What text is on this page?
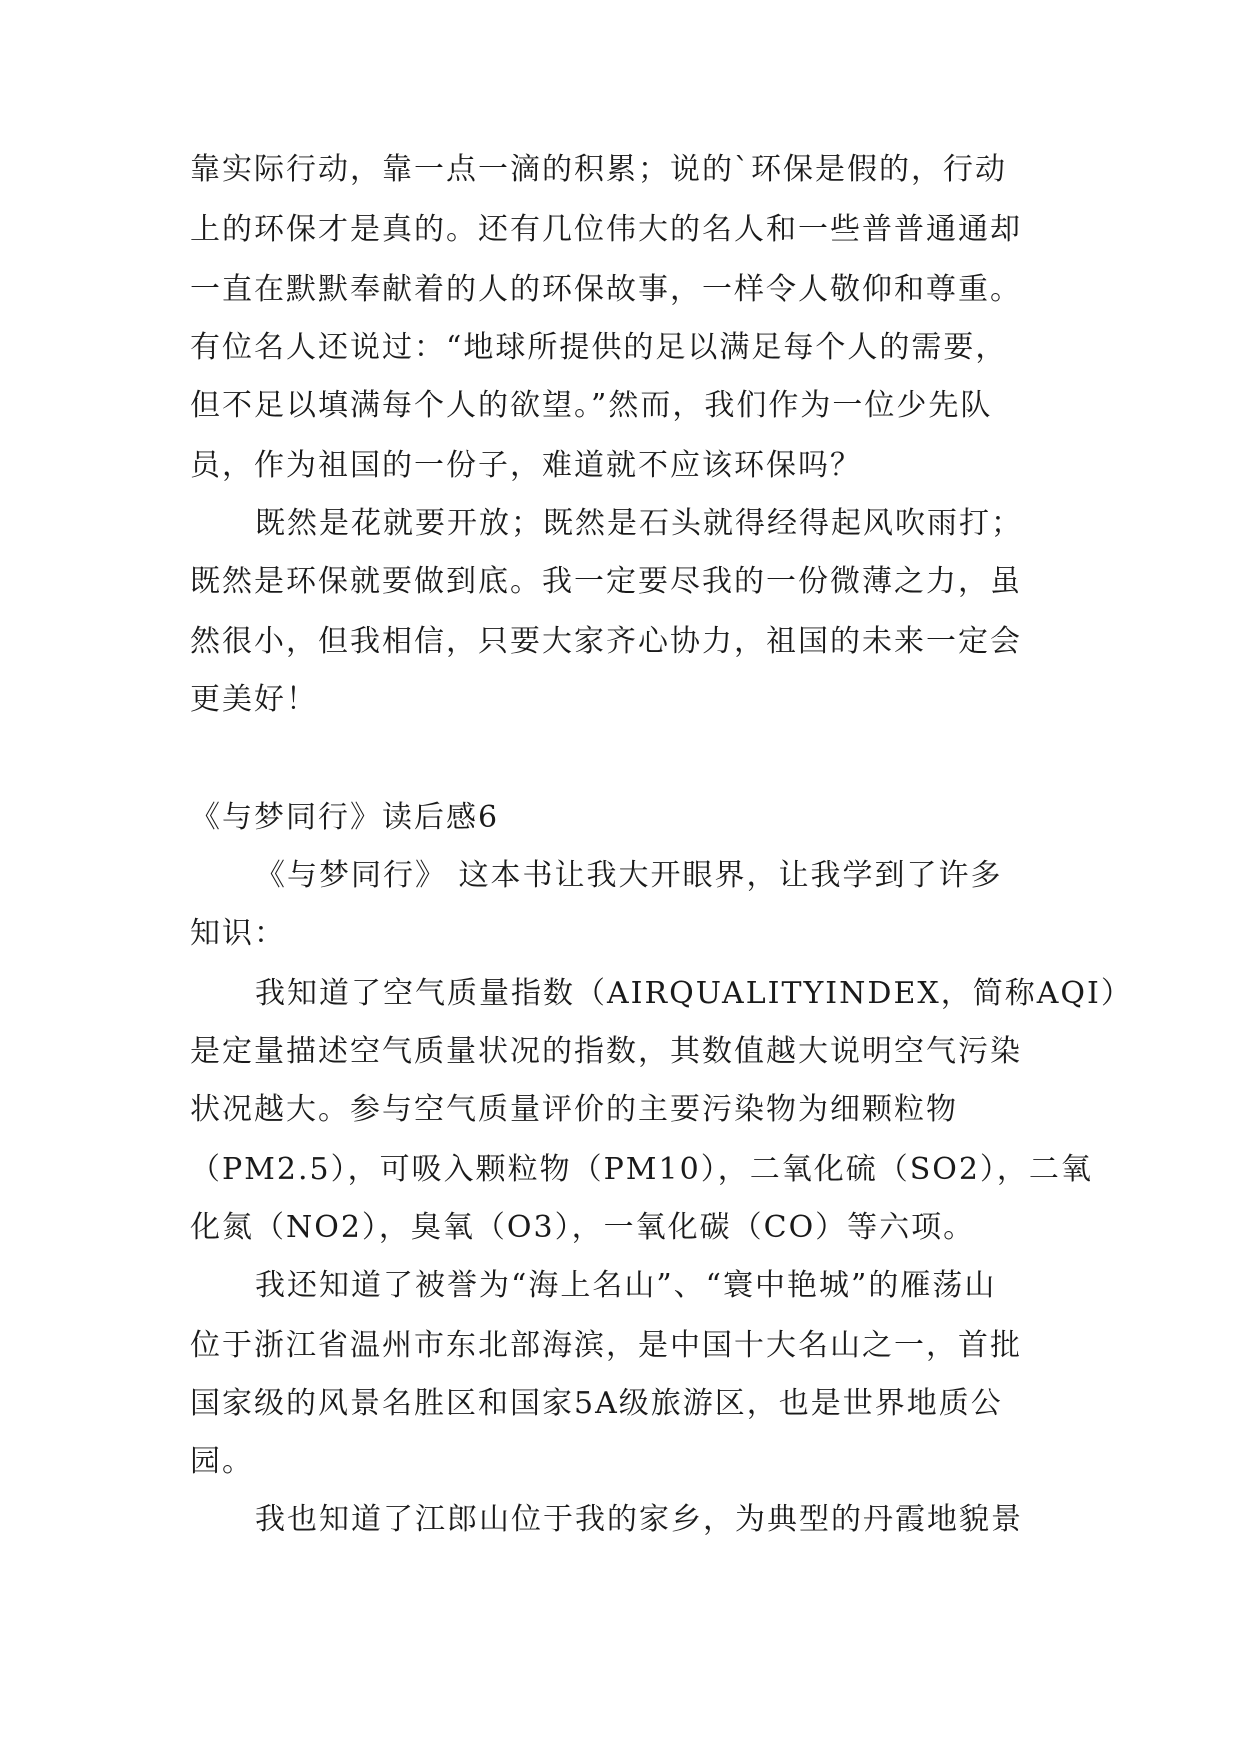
靠实际行动，靠一点一滴的积累；说的`环保是假的，行动
上的环保才是真的。还有几位伟大的名人和一些普普通通却
一直在默默奉献着的人的环保故事，一样令人敬仰和尊重。
有位名人还说过：“地球所提供的足以满足每个人的需要，
但不足以填满每个人的欲望。”然而，我们作为一位少先队
员，作为祖国的一份子，难道就不应该环保吗？
既然是花就要开放；既然是石头就得经得起风吹雨打；
既然是环保就要做到底。我一定要尽我的一份微薄之力，虽
然很小，但我相信，只要大家齐心协力，祖国的未来一定会
更美好！
《与梦同行》读后感6
《与梦同行》 这本书让我大开眼界，让我学到了许多
知识：
我知道了空气质量指数（AIRQUALITYINDEX，简称AQI）
是定量描述空气质量状况的指数，其数值越大说明空气污染
状况越大。参与空气质量评价的主要污染物为细颗粒物
（PM2.5），可吸入颗粒物（PM10），二氧化硫（SO2），二氧
化氮（NO2），臭氧（O3），一氧化碳（CO）等六项。
我还知道了被誉为“海上名山”、“寰中艳城”的雁荡山
位于浙江省温州市东北部海滨，是中国十大名山之一，首批
国家级的风景名胜区和国家5A级旅游区，也是世界地质公
园。
我也知道了江郎山位于我的家乡，为典型的丹霞地貌景
